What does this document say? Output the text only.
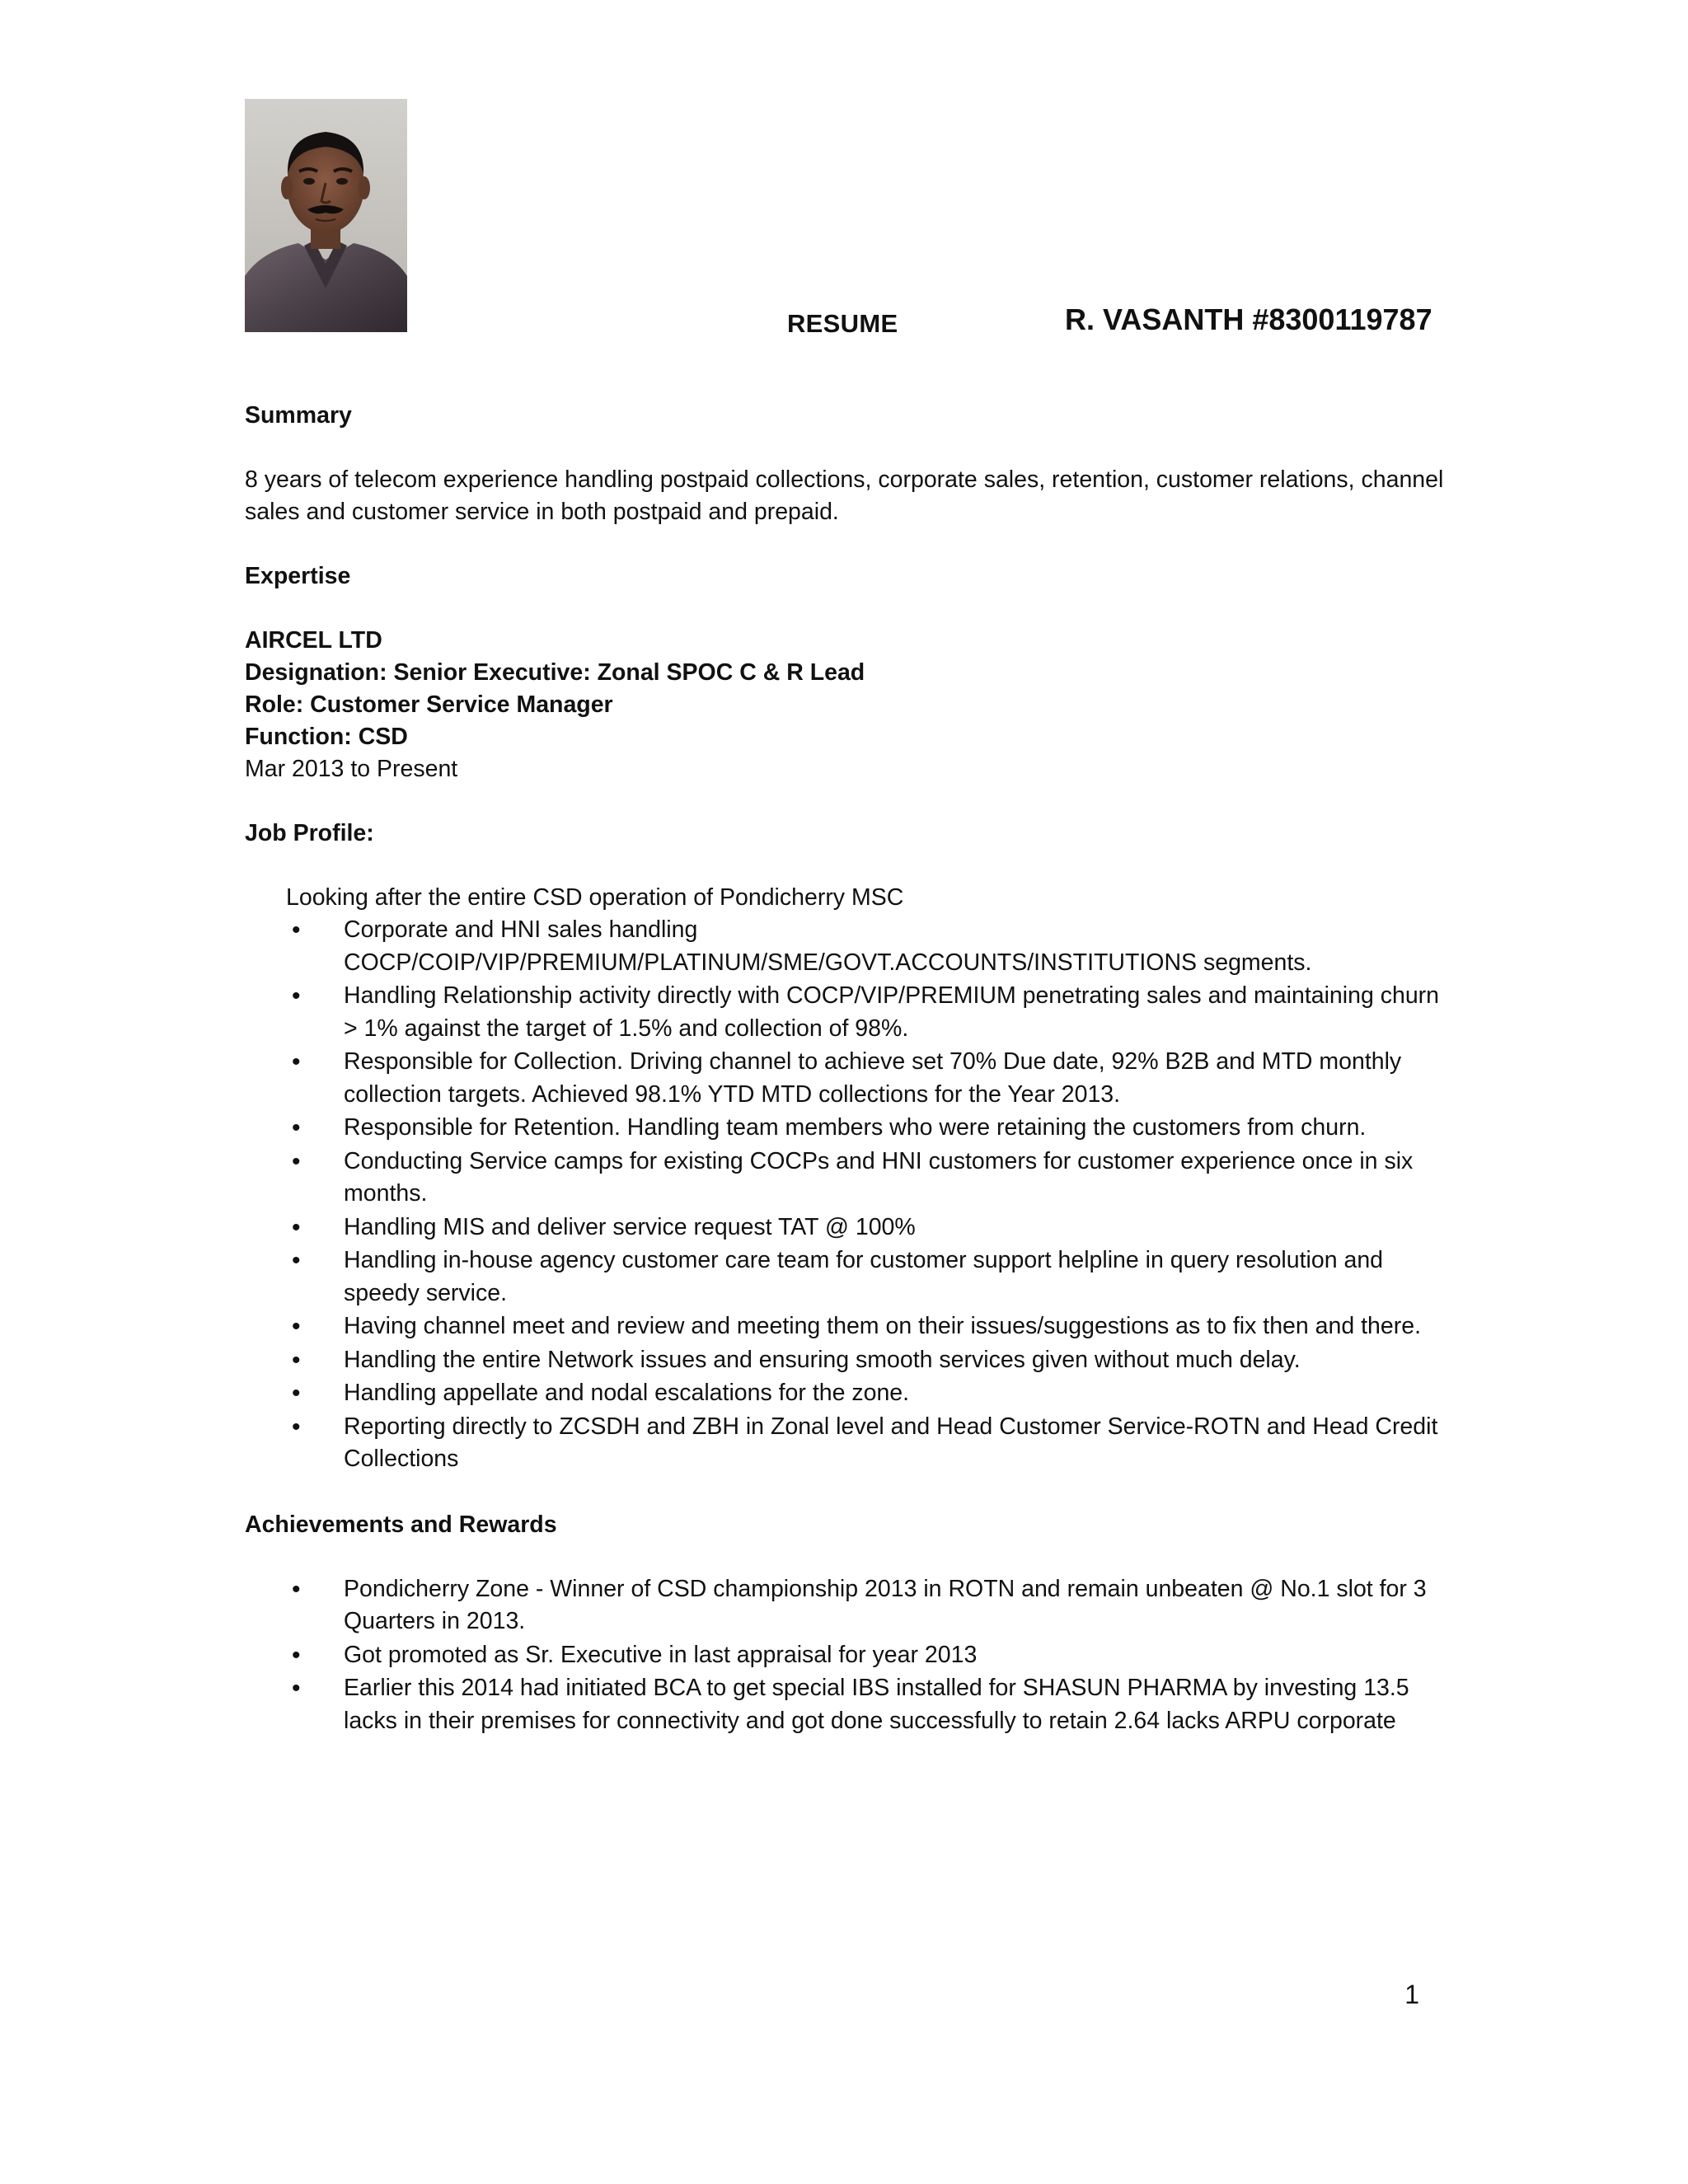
RESUME	R. VASANTH #8300119787

Summary

8 years of telecom experience handling postpaid collections, corporate sales, retention, customer relations, channel sales and customer service in both postpaid and prepaid.

Expertise

AIRCEL LTD

Designation: Senior Executive: Zonal SPOC C & R Lead

Role: Customer Service Manager

Function: CSD

Mar 2013 to Present

Job Profile:

Looking after the entire CSD operation of Pondicherry MSC

• Corporate and HNI sales handling COCP/COIP/VIP/PREMIUM/PLATINUM/SME/GOVT.ACCOUNTS/INSTITUTIONS segments.
• Handling Relationship activity directly with COCP/VIP/PREMIUM penetrating sales and maintaining churn > 1% against the target of 1.5% and collection of 98%.
• Responsible for Collection. Driving channel to achieve set 70% Due date, 92% B2B and MTD monthly collection targets. Achieved 98.1% YTD MTD collections for the Year 2013.
• Responsible for Retention. Handling team members who were retaining the customers from churn.
• Conducting Service camps for existing COCPs and HNI customers for customer experience once in six months.
• Handling MIS and deliver service request TAT @ 100%
• Handling in-house agency customer care team for customer support helpline in query resolution and speedy service.
• Having channel meet and review and meeting them on their issues/suggestions as to fix then and there.
• Handling the entire Network issues and ensuring smooth services given without much delay.
• Handling appellate and nodal escalations for the zone.
• Reporting directly to ZCSDH and ZBH in Zonal level and Head Customer Service-ROTN and Head Credit Collections

Achievements and Rewards

• Pondicherry Zone - Winner of CSD championship 2013 in ROTN and remain unbeaten @ No.1 slot for 3 Quarters in 2013.
• Got promoted as Sr. Executive in last appraisal for year 2013
• Earlier this 2014 had initiated BCA to get special IBS installed for SHASUN PHARMA by investing 13.5 lacks in their premises for connectivity and got done successfully to retain 2.64 lacks ARPU corporate
1
